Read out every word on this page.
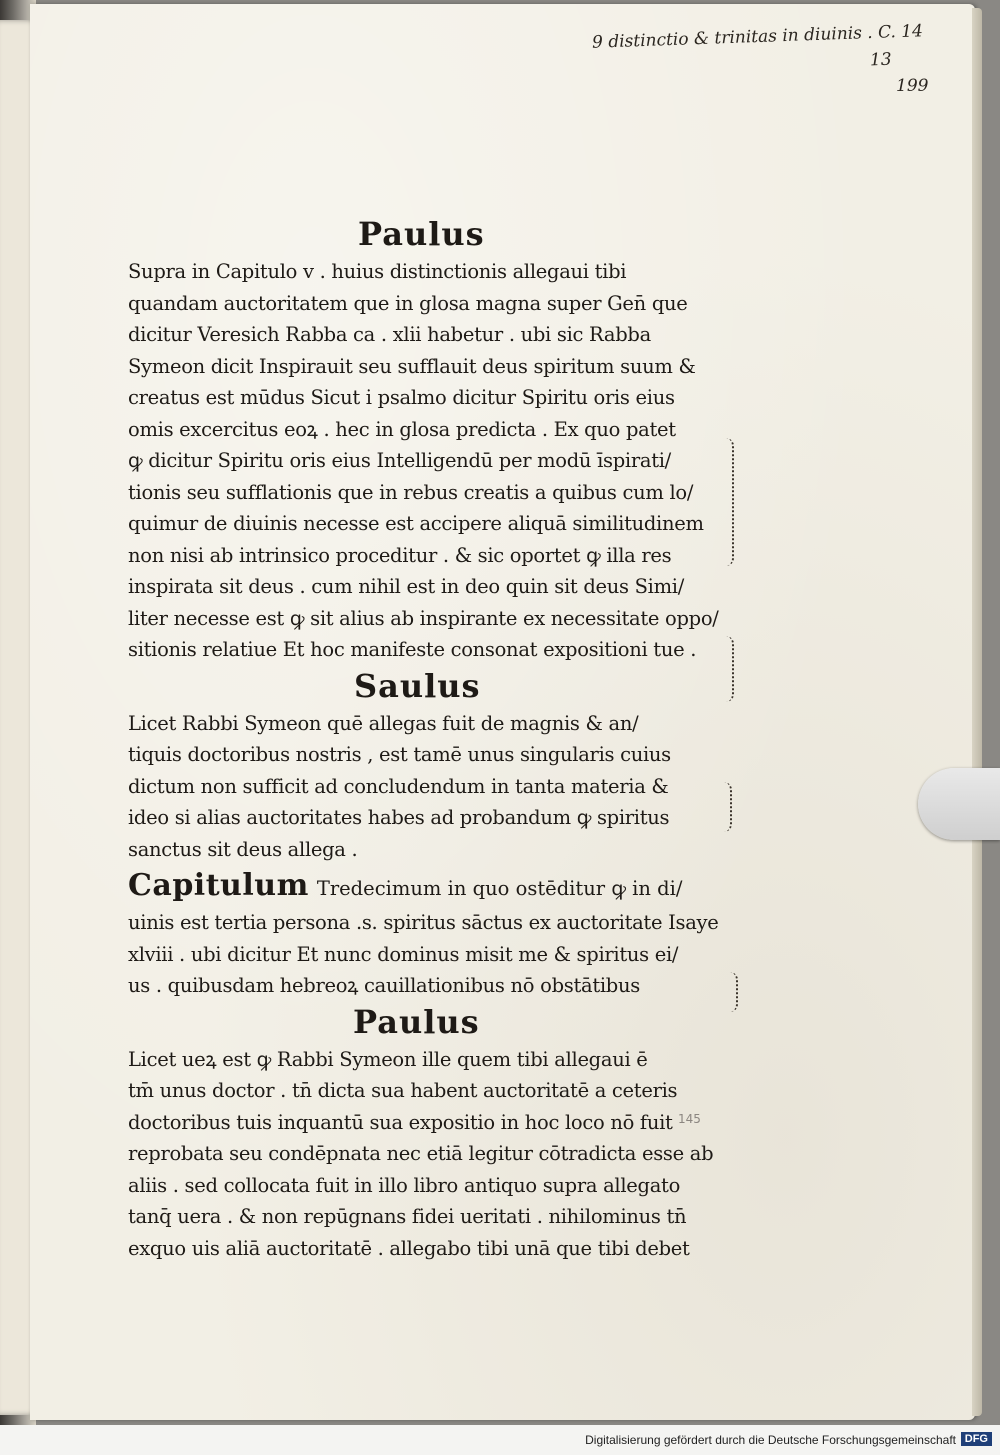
9 distinctio & trinitas in diuinis . C. 14
13
199
145
Paulus
Supra in Capitulo v . huius distinctionis allegaui tibi
quandam auctoritatem que in glosa magna super Gen̄ que
dicitur Veresich Rabba ca . xlii habetur . ubi sic Rabba
Symeon dicit Inspirauit seu sufflauit deus spiritum suum &
creatus est mūdus Sicut i psalmo dicitur Spiritu oris eius
omis excercitus eoꝝ . hec in glosa predicta . Ex quo patet
ꝙ dicitur Spiritu oris eius Intelligendū per modū īspirati/
tionis seu sufflationis que in rebus creatis a quibus cum lo/
quimur de diuinis necesse est accipere aliquā similitudinem
non nisi ab intrinsico proceditur . & sic oportet ꝙ illa res
inspirata sit deus . cum nihil est in deo quin sit deus Simi/
liter necesse est ꝙ sit alius ab inspirante ex necessitate oppo/
sitionis relatiue Et hoc manifeste consonat expositioni tue .
Saulus
Licet Rabbi Symeon quē allegas fuit de magnis & an/
tiquis doctoribus nostris , est tamē unus singularis cuius
dictum non sufficit ad concludendum in tanta materia &
ideo si alias auctoritates habes ad probandum ꝙ spiritus
sanctus sit deus allega .
Capitulum Tredecimum in quo ostēditur ꝙ in di/
uinis est tertia persona .s. spiritus sāctus ex auctoritate Isaye
xlviii . ubi dicitur Et nunc dominus misit me & spiritus ei/
us . quibusdam hebreoꝝ cauillationibus nō obstātibus
Paulus
Licet ueꝝ est ꝙ Rabbi Symeon ille quem tibi allegaui ē
tm̄ unus doctor . tn̄ dicta sua habent auctoritatē a ceteris
doctoribus tuis inquantū sua expositio in hoc loco nō fuit
reprobata seu condēpnata nec etiā legitur cōtradicta esse ab
aliis . sed collocata fuit in illo libro antiquo supra allegato
tanq̄ uera . & non repūgnans fidei ueritati . nihilominus tn̄
exquo uis aliā auctoritatē . allegabo tibi unā que tibi debet
Digitalisierung gefördert durch die Deutsche Forschungsgemeinschaft DFG
